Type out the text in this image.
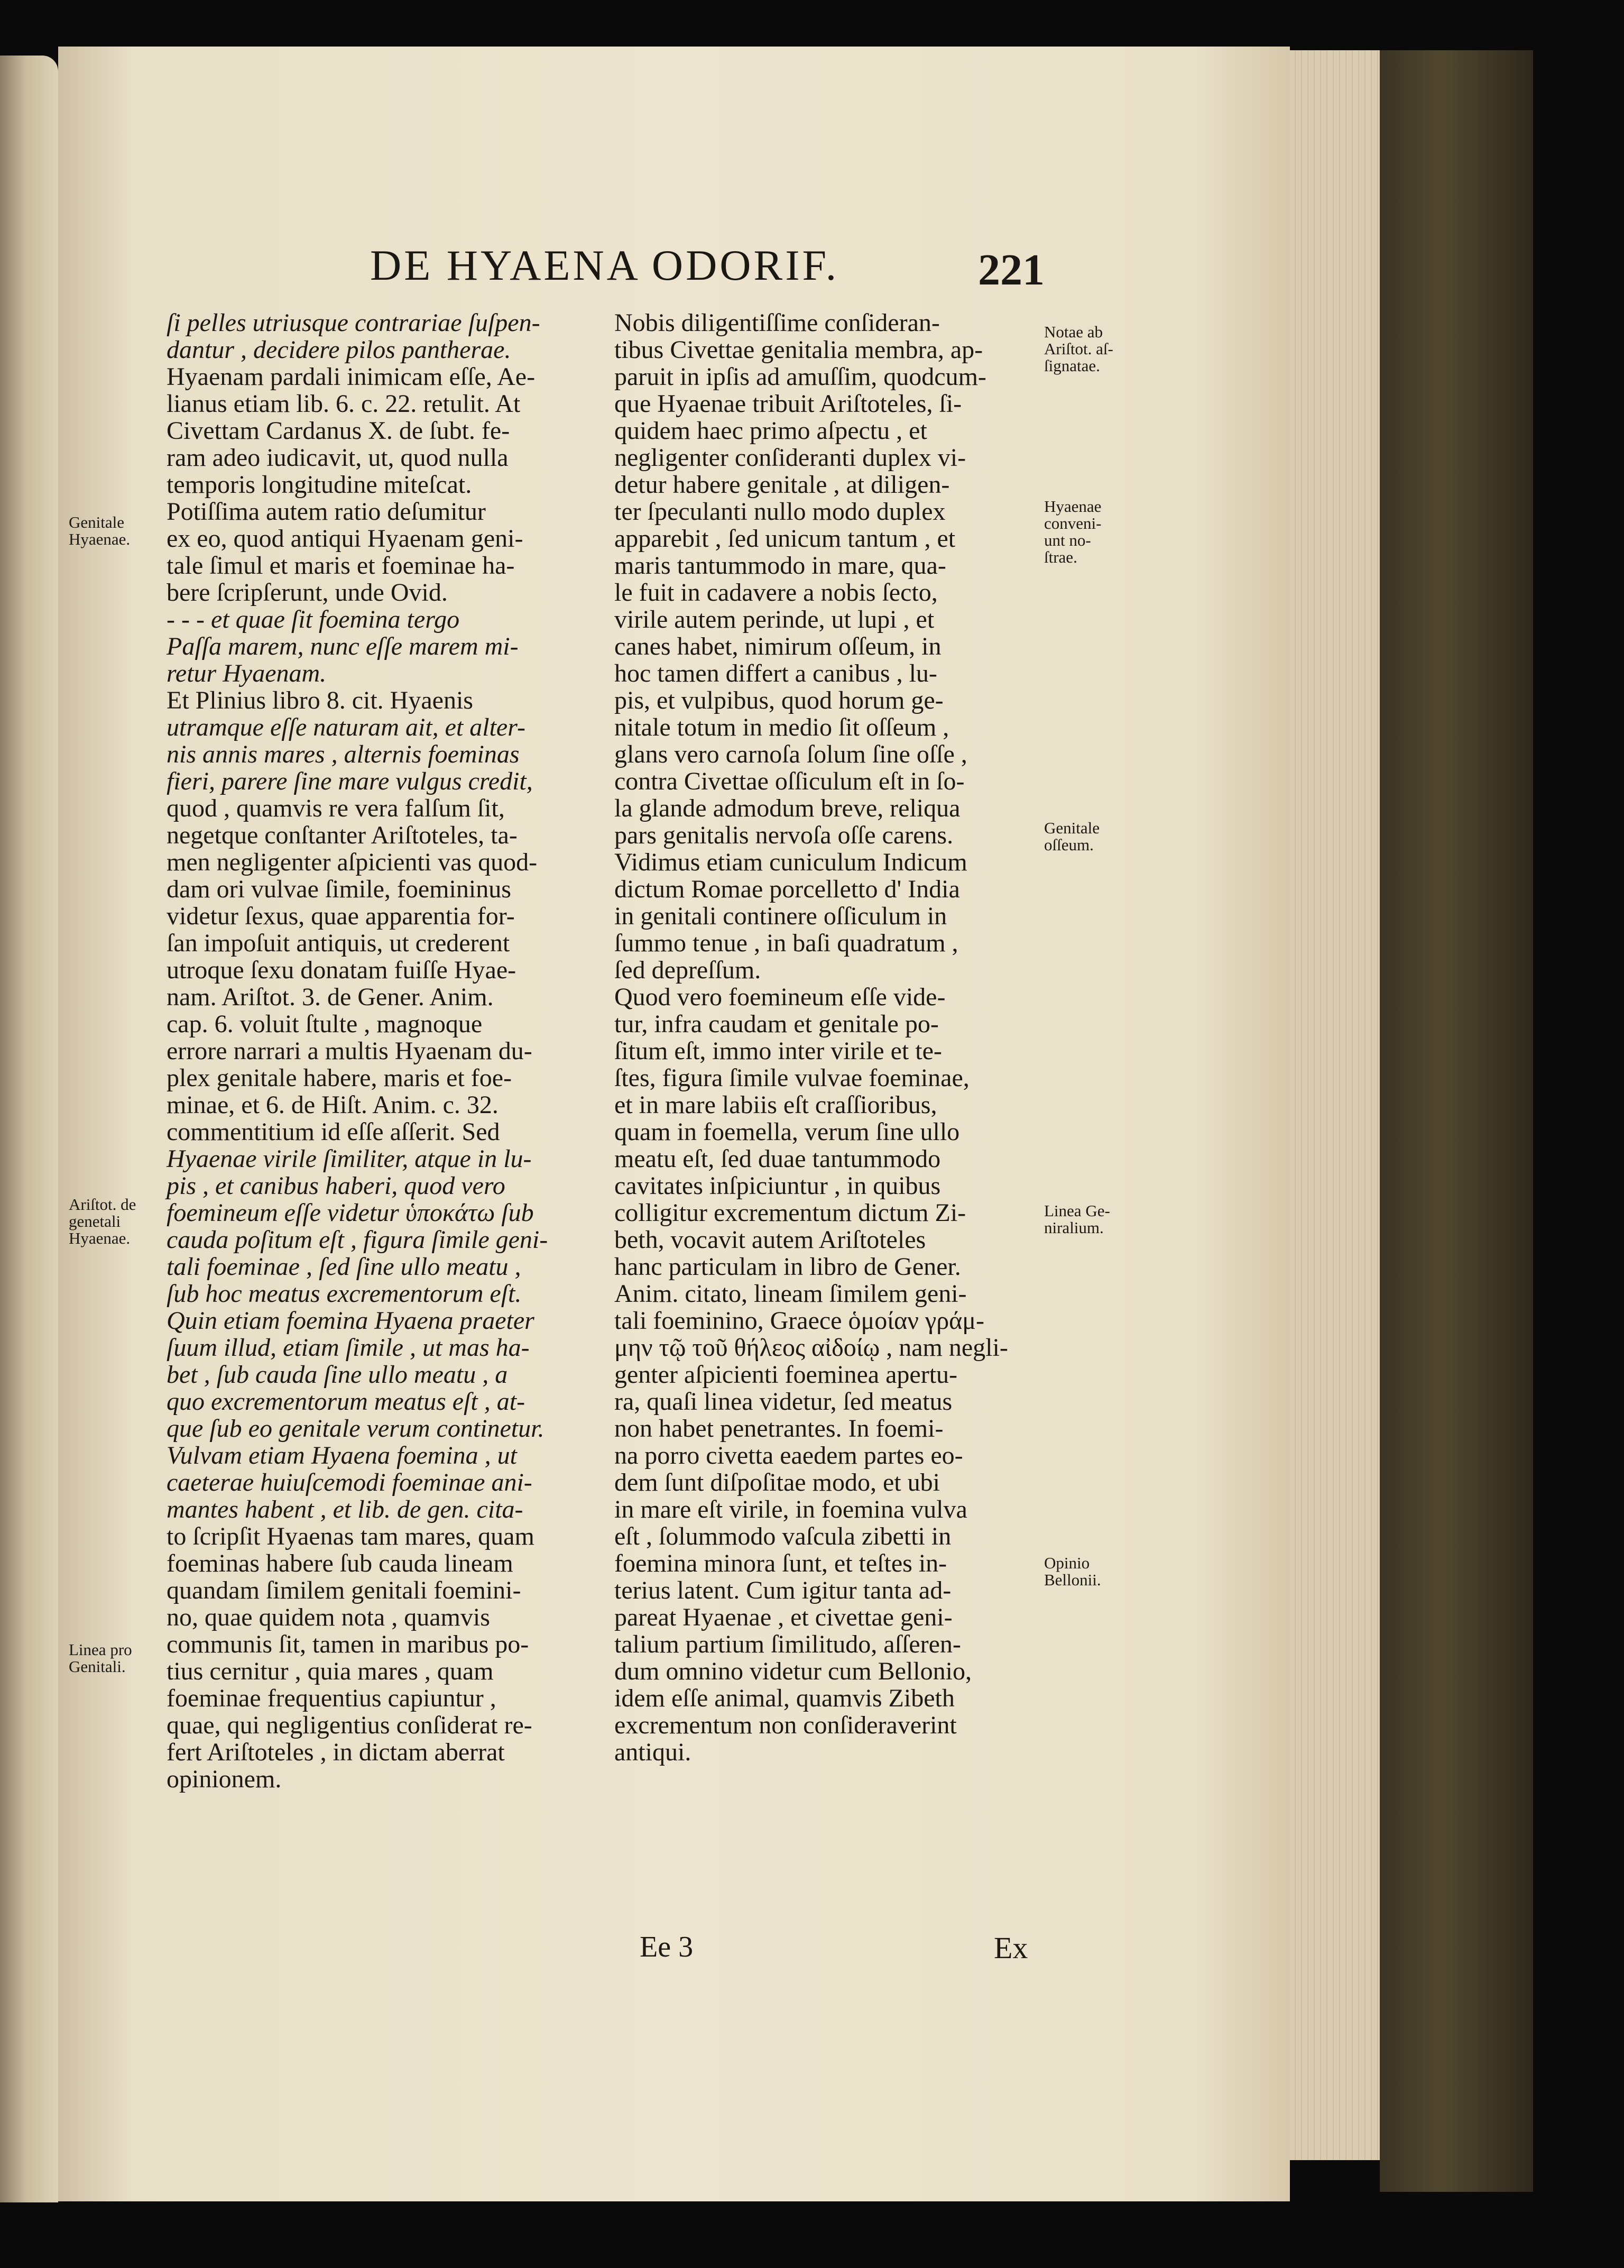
DE HYAENA ODORIF.	221
ſi pelles utriusque contrariae ſuſpen-
dantur , decidere pilos pantherae.
Hyaenam pardali inimicam eſſe, Ae-
lianus etiam lib. 6. c. 22. retulit. At
Civettam Cardanus X. de ſubt. fe-
ram adeo iudicavit, ut, quod nulla
temporis longitudine miteſcat.
Potiſſima autem ratio deſumitur
ex eo, quod antiqui Hyaenam geni-
tale ſimul et maris et foeminae ha-
bere ſcripſerunt, unde Ovid.
- - - et quae ſit foemina tergo
Paſſa marem, nunc eſſe marem mi-
retur Hyaenam.
Et Plinius libro 8. cit. Hyaenis
utramque eſſe naturam ait, et alter-
nis annis mares , alternis foeminas
fieri, parere ſine mare vulgus credit,
quod , quamvis re vera falſum ſit,
negetque conſtanter Ariſtoteles, ta-
men negligenter aſpicienti vas quod-
dam ori vulvae ſimile, foemininus
videtur ſexus, quae apparentia for-
ſan impoſuit antiquis, ut crederent
utroque ſexu donatam fuiſſe Hyae-
nam. Ariſtot. 3. de Gener. Anim.
cap. 6. voluit ſtulte , magnoque
errore narrari a multis Hyaenam du-
plex genitale habere, maris et foe-
minae, et 6. de Hiſt. Anim. c. 32.
commentitium id eſſe aſſerit. Sed
Hyaenae virile ſimiliter, atque in lu-
pis , et canibus haberi, quod vero
foemineum eſſe videtur ὑποκάτω ſub
cauda poſitum eſt , figura ſimile geni-
tali foeminae , ſed ſine ullo meatu ,
ſub hoc meatus excrementorum eſt.
Quin etiam foemina Hyaena praeter
ſuum illud, etiam ſimile , ut mas ha-
bet , ſub cauda ſine ullo meatu , a
quo excrementorum meatus eſt , at-
que ſub eo genitale verum continetur.
Vulvam etiam Hyaena foemina , ut
caeterae huiuſcemodi foeminae ani-
mantes habent , et lib. de gen. cita-
to ſcripſit Hyaenas tam mares, quam
foeminas habere ſub cauda lineam
quandam ſimilem genitali foemini-
no, quae quidem nota , quamvis
communis ſit, tamen in maribus po-
tius cernitur , quia mares , quam
foeminae frequentius capiuntur ,
quae, qui negligentius conſiderat re-
fert Ariſtoteles , in dictam aberrat
opinionem.
Nobis diligentiſſime conſideran-
tibus Civettae genitalia membra, ap-
paruit in ipſis ad amuſſim, quodcum-
que Hyaenae tribuit Ariſtoteles, ſi-
quidem haec primo aſpectu , et
negligenter conſideranti duplex vi-
detur habere genitale , at diligen-
ter ſpeculanti nullo modo duplex
apparebit , ſed unicum tantum , et
maris tantummodo in mare, qua-
le fuit in cadavere a nobis ſecto,
virile autem perinde, ut lupi , et
canes habet, nimirum oſſeum, in
hoc tamen differt a canibus , lu-
pis, et vulpibus, quod horum ge-
nitale totum in medio ſit oſſeum ,
glans vero carnoſa ſolum ſine oſſe ,
contra Civettae oſſiculum eſt in ſo-
la glande admodum breve, reliqua
pars genitalis nervoſa oſſe carens.
Vidimus etiam cuniculum Indicum
dictum Romae porcelletto d' India
in genitali continere oſſiculum in
ſummo tenue , in baſi quadratum ,
ſed depreſſum.
Quod vero foemineum eſſe vide-
tur, infra caudam et genitale po-
ſitum eſt, immo inter virile et te-
ſtes, figura ſimile vulvae foeminae,
et in mare labiis eſt craſſioribus,
quam in foemella, verum ſine ullo
meatu eſt, ſed duae tantummodo
cavitates inſpiciuntur , in quibus
colligitur excrementum dictum Zi-
beth, vocavit autem Ariſtoteles
hanc particulam in libro de Gener.
Anim. citato, lineam ſimilem geni-
tali foeminino, Graece ὁμοίαν γράμ-
μην τῷ τοῦ θήλεος αἰδοίῳ , nam negli-
genter aſpicienti foeminea apertu-
ra, quaſi linea videtur, ſed meatus
non habet penetrantes. In foemi-
na porro civetta eaedem partes eo-
dem ſunt diſpoſitae modo, et ubi
in mare eſt virile, in foemina vulva
eſt , ſolummodo vaſcula zibetti in
foemina minora ſunt, et teſtes in-
terius latent. Cum igitur tanta ad-
pareat Hyaenae , et civettae geni-
talium partium ſimilitudo, aſſeren-
dum omnino videtur cum Bellonio,
idem eſſe animal, quamvis Zibeth
excrementum non conſideraverint
antiqui.
Genitale
Hyaenae.
Ariſtot. de
genetali
Hyaenae.
Linea pro
Genitali.
Notae ab
Ariſtot. aſ-
ſignatae.
Hyaenae
conveni-
unt no-
ſtrae.
Genitale
oſſeum.
Linea Ge-
niralium.
Opinio
Bellonii.
Ee 3	Ex
